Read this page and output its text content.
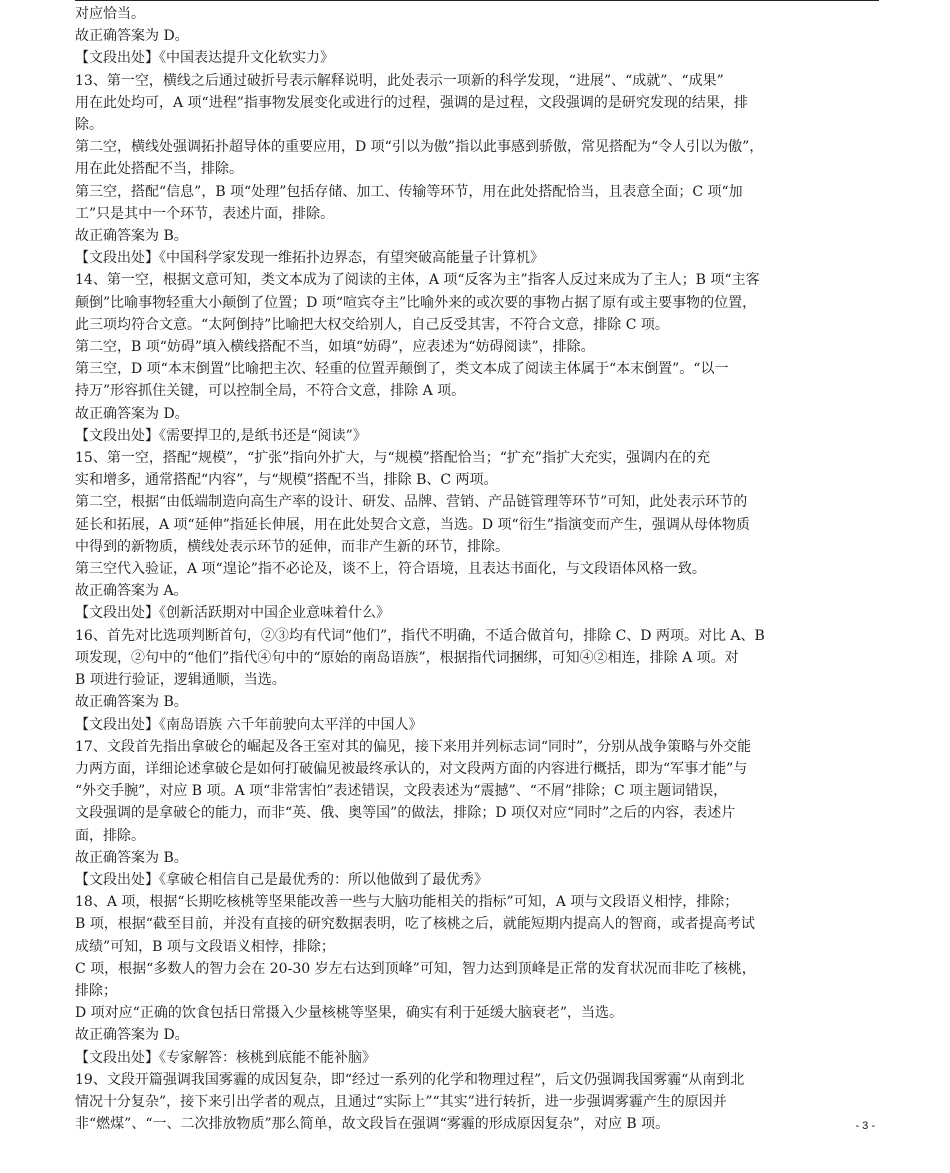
对应恰当。
故正确答案为 D。
【文段出处】《中国表达提升文化软实力》
13、第一空，横线之后通过破折号表示解释说明，此处表示一项新的科学发现，“进展”、“成就”、“成果”
用在此处均可，A 项“进程”指事物发展变化或进行的过程，强调的是过程，文段强调的是研究发现的结果，排
除。
第二空，横线处强调拓扑超导体的重要应用，D 项“引以为傲”指以此事感到骄傲，常见搭配为“令人引以为傲”，
用在此处搭配不当，排除。
第三空，搭配“信息”，B 项“处理”包括存储、加工、传输等环节，用在此处搭配恰当，且表意全面；C 项“加
工”只是其中一个环节，表述片面，排除。
故正确答案为 B。
【文段出处】《中国科学家发现一维拓扑边界态，有望突破高能量子计算机》
14、第一空，根据文意可知，类文本成为了阅读的主体，A 项“反客为主”指客人反过来成为了主人；B 项“主客
颠倒”比喻事物轻重大小颠倒了位置；D 项“喧宾夺主”比喻外来的或次要的事物占据了原有或主要事物的位置，
此三项均符合文意。“太阿倒持”比喻把大权交给别人，自己反受其害，不符合文意，排除 C 项。
第二空，B 项“妨碍”填入横线搭配不当，如填“妨碍”，应表述为“妨碍阅读”，排除。
第三空，D 项“本末倒置”比喻把主次、轻重的位置弄颠倒了，类文本成了阅读主体属于“本末倒置”。“以一
持万”形容抓住关键，可以控制全局，不符合文意，排除 A 项。
故正确答案为 D。
【文段出处】《需要捍卫的,是纸书还是“阅读”》
15、第一空，搭配“规模”，“扩张”指向外扩大，与“规模”搭配恰当；“扩充”指扩大充实，强调内在的充
实和增多，通常搭配“内容”，与“规模”搭配不当，排除 B、C 两项。
第二空，根据“由低端制造向高生产率的设计、研发、品牌、营销、产品链管理等环节”可知，此处表示环节的
延长和拓展，A 项“延伸”指延长伸展，用在此处契合文意，当选。D 项“衍生”指演变而产生，强调从母体物质
中得到的新物质，横线处表示环节的延伸，而非产生新的环节，排除。
第三空代入验证，A 项“遑论”指不必论及，谈不上，符合语境，且表达书面化，与文段语体风格一致。
故正确答案为 A。
【文段出处】《创新活跃期对中国企业意味着什么》
16、首先对比选项判断首句，②③均有代词“他们”，指代不明确，不适合做首句，排除 C、D 两项。对比 A、B
项发现，②句中的“他们”指代④句中的“原始的南岛语族”，根据指代词捆绑，可知④②相连，排除 A 项。对
B 项进行验证，逻辑通顺，当选。
故正确答案为 B。
【文段出处】《南岛语族 六千年前驶向太平洋的中国人》
17、文段首先指出拿破仑的崛起及各王室对其的偏见，接下来用并列标志词“同时”，分别从战争策略与外交能
力两方面，详细论述拿破仑是如何打破偏见被最终承认的，对文段两方面的内容进行概括，即为“军事才能”与
“外交手腕”，对应 B 项。A 项“非常害怕”表述错误，文段表述为“震撼”、“不屑”排除；C 项主题词错误，
文段强调的是拿破仑的能力，而非“英、俄、奥等国”的做法，排除；D 项仅对应“同时”之后的内容，表述片
面，排除。
故正确答案为 B。
【文段出处】《拿破仑相信自己是最优秀的：所以他做到了最优秀》
18、A 项，根据“长期吃核桃等坚果能改善一些与大脑功能相关的指标”可知，A 项与文段语义相悖，排除；
B 项，根据“截至目前，并没有直接的研究数据表明，吃了核桃之后，就能短期内提高人的智商，或者提高考试
成绩”可知，B 项与文段语义相悖，排除；
C 项，根据“多数人的智力会在 20-30 岁左右达到顶峰”可知，智力达到顶峰是正常的发育状况而非吃了核桃，
排除；
D 项对应“正确的饮食包括日常摄入少量核桃等坚果，确实有利于延缓大脑衰老”，当选。
故正确答案为 D。
【文段出处】《专家解答：核桃到底能不能补脑》
19、文段开篇强调我国雾霾的成因复杂，即“经过一系列的化学和物理过程”，后文仍强调我国雾霾“从南到北
情况十分复杂”，接下来引出学者的观点，且通过“实际上”“其实”进行转折，进一步强调雾霾产生的原因并
非“燃煤”、“一、二次排放物质”那么简单，故文段旨在强调“雾霾的形成原因复杂”，对应 B 项。	- 3 -
